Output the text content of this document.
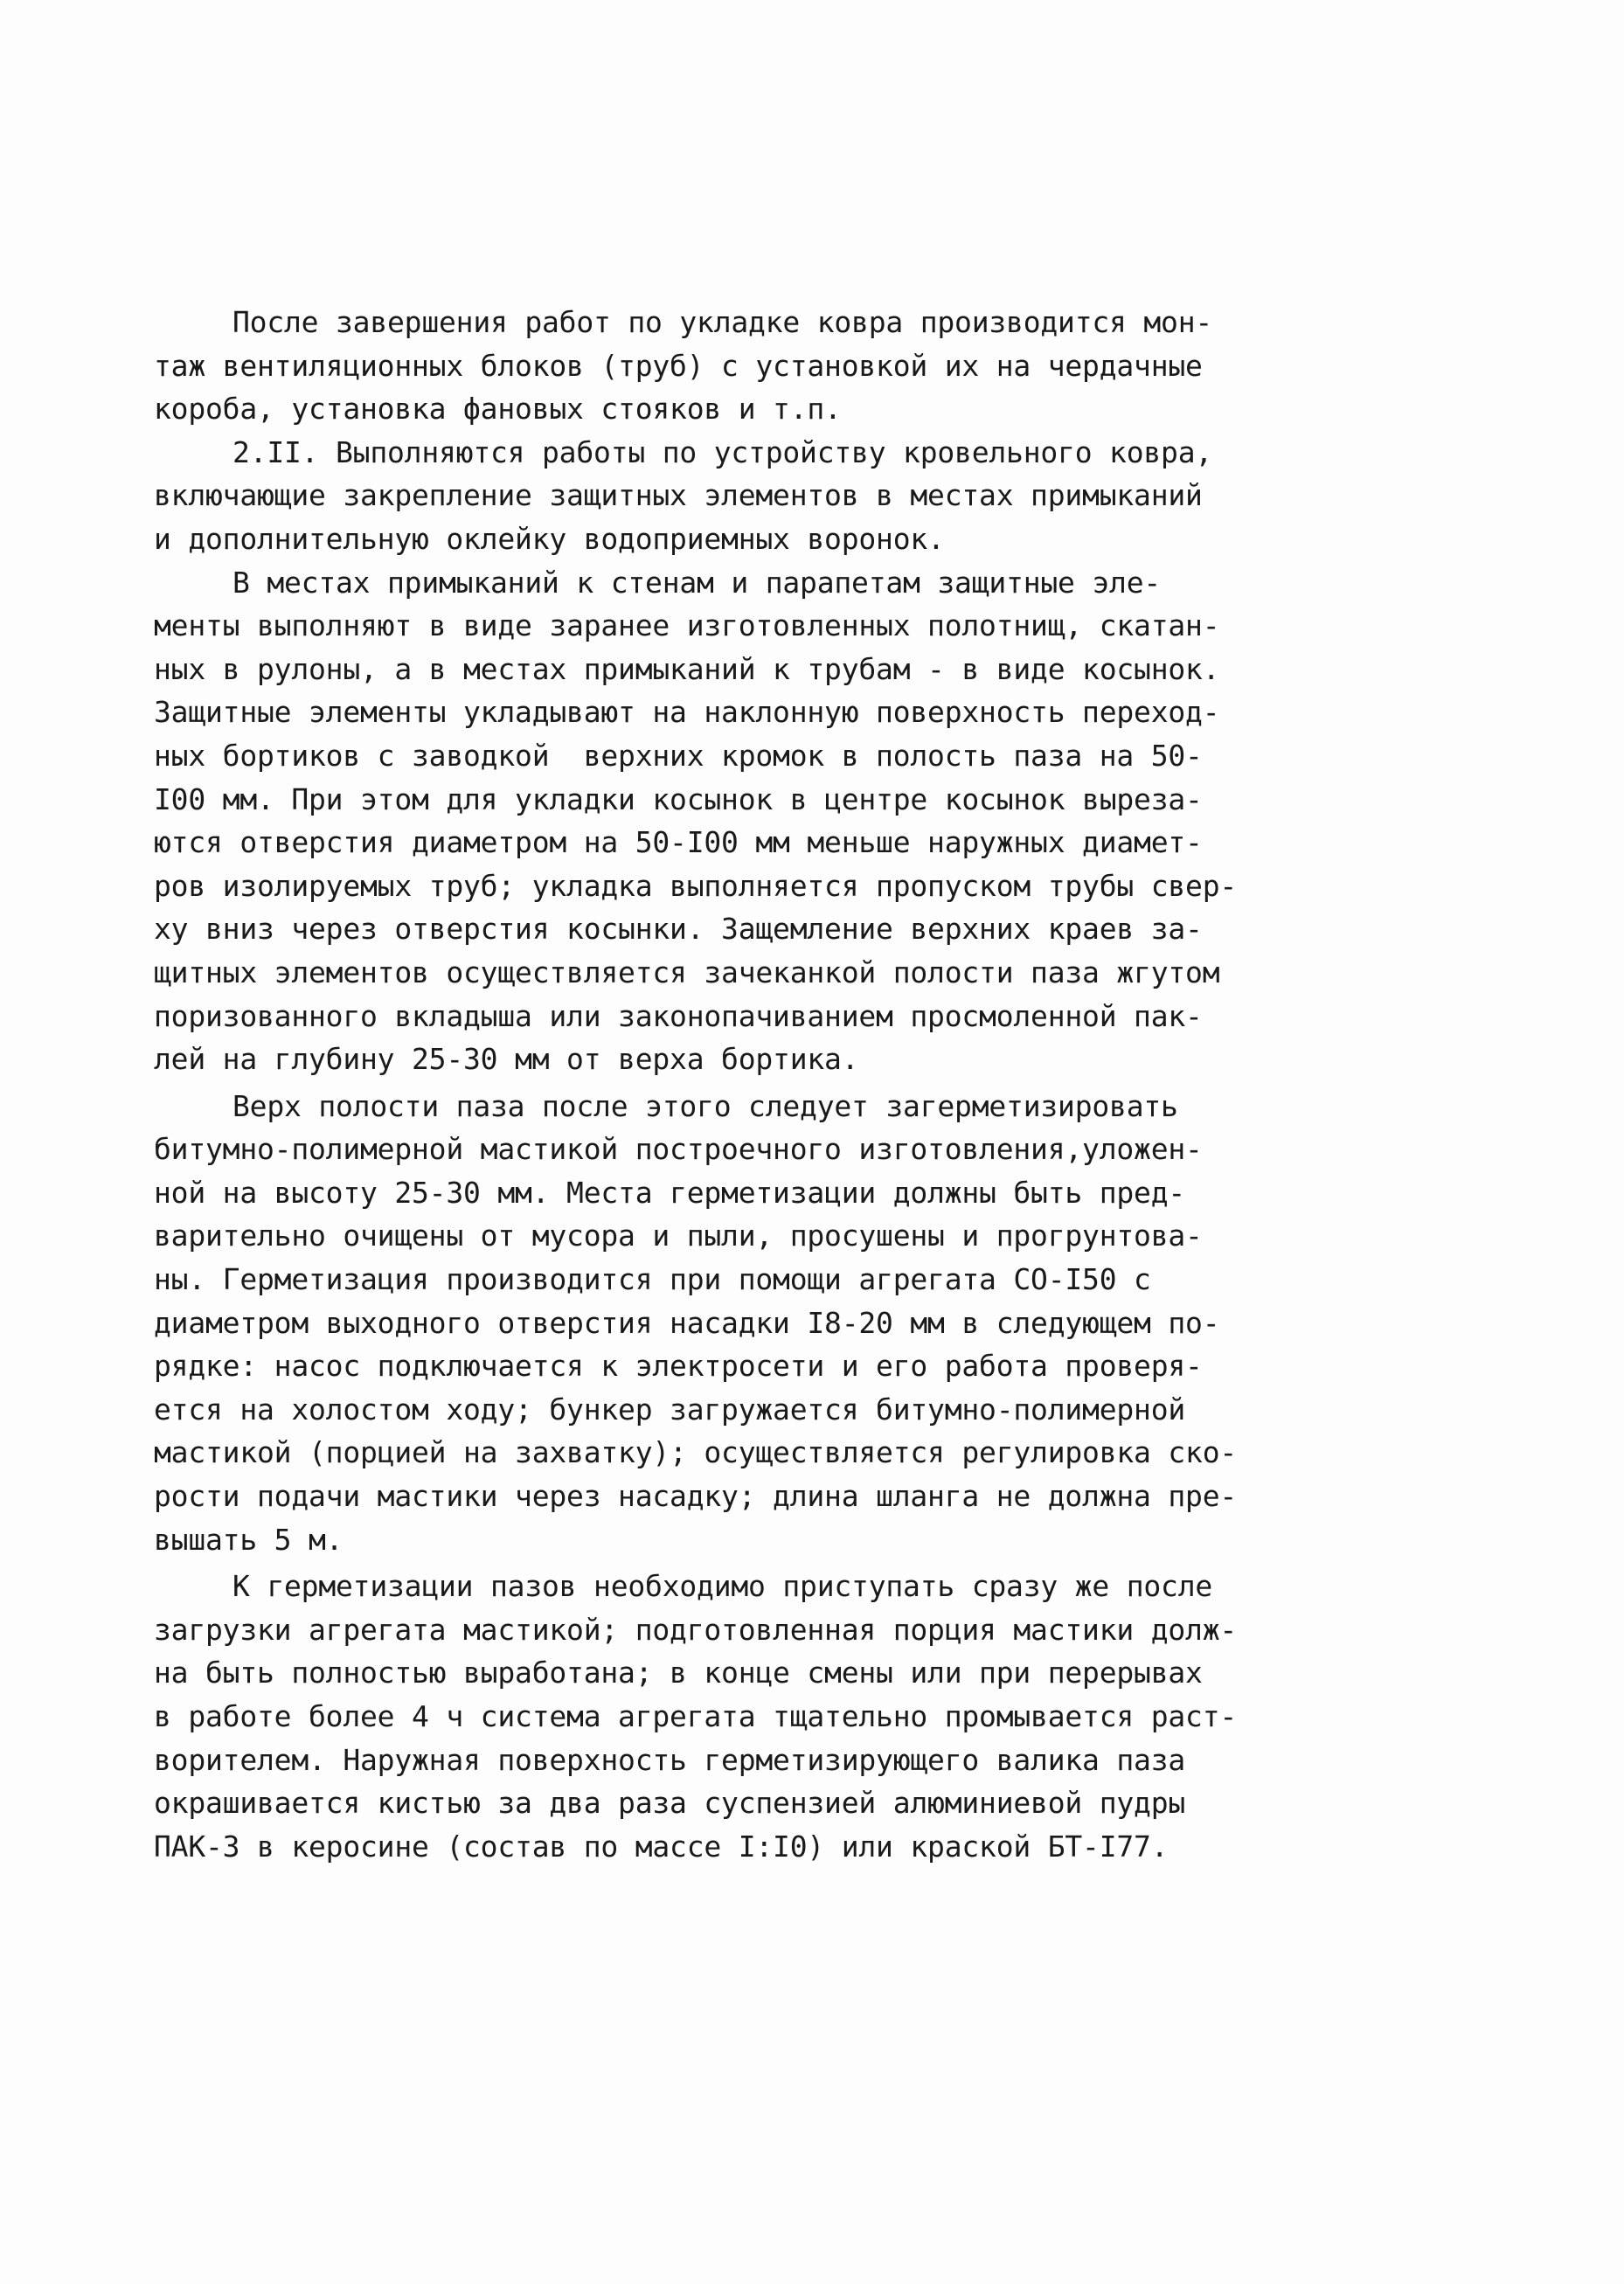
После завершения работ по укладке ковра производится мон-
таж вентиляционных блоков (труб) с установкой их на чердачные
короба, установка фановых стояков и т.п.
2.II. Выполняются работы по устройству кровельного ковра,
включающие закрепление защитных элементов в местах примыканий
и дополнительную оклейку водоприемных воронок.
В местах примыканий к стенам и парапетам защитные эле-
менты выполняют в виде заранее изготовленных полотнищ, скатан-
ных в рулоны, а в местах примыканий к трубам - в виде косынок.
Защитные элементы укладывают на наклонную поверхность переход-
ных бортиков с заводкой  верхних кромок в полость паза на 50-
I00 мм. При этом для укладки косынок в центре косынок выреза-
ются отверстия диаметром на 50-I00 мм меньше наружных диамет-
ров изолируемых труб; укладка выполняется пропуском трубы свер-
ху вниз через отверстия косынки. Защемление верхних краев за-
щитных элементов осуществляется зачеканкой полости паза жгутом
поризованного вкладыша или законопачиванием просмоленной пак-
лей на глубину 25-30 мм от верха бортика.
Верх полости паза после этого следует загерметизировать
битумно-полимерной мастикой построечного изготовления,уложен-
ной на высоту 25-30 мм. Места герметизации должны быть пред-
варительно очищены от мусора и пыли, просушены и прогрунтова-
ны. Герметизация производится при помощи агрегата CO-I50 с
диаметром выходного отверстия насадки I8-20 мм в следующем по-
рядке: насос подключается к электросети и его работа проверя-
ется на холостом ходу; бункер загружается битумно-полимерной
мастикой (порцией на захватку); осуществляется регулировка ско-
рости подачи мастики через насадку; длина шланга не должна пре-
вышать 5 м.
К герметизации пазов необходимо приступать сразу же после
загрузки агрегата мастикой; подготовленная порция мастики долж-
на быть полностью выработана; в конце смены или при перерывах
в работе более 4 ч система агрегата тщательно промывается раст-
ворителем. Наружная поверхность герметизирующего валика паза
окрашивается кистью за два раза суспензией алюминиевой пудры
ПАК-3 в керосине (состав по массе I:I0) или краской БТ-I77.
